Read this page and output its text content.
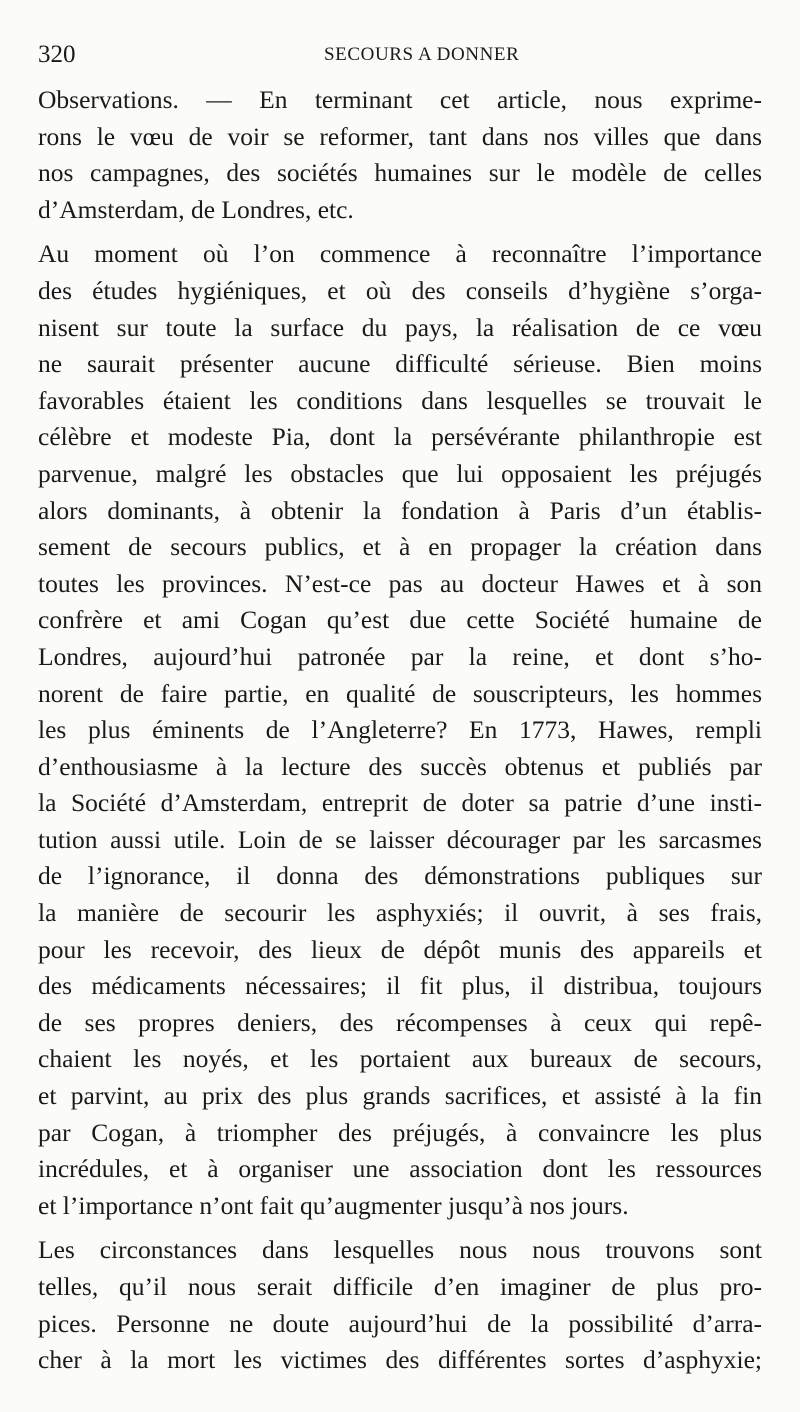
320	SECOURS A DONNER
Observations. — En terminant cet article, nous exprime-
rons le vœu de voir se reformer, tant dans nos villes que dans
nos campagnes, des sociétés humaines sur le modèle de celles
d’Amsterdam, de Londres, etc.
Au moment où l’on commence à reconnaître l’importance
des études hygiéniques, et où des conseils d’hygiène s’orga-
nisent sur toute la surface du pays, la réalisation de ce vœu
ne saurait présenter aucune difficulté sérieuse. Bien moins
favorables étaient les conditions dans lesquelles se trouvait le
célèbre et modeste Pia, dont la persévérante philanthropie est
parvenue, malgré les obstacles que lui opposaient les préjugés
alors dominants, à obtenir la fondation à Paris d’un établis-
sement de secours publics, et à en propager la création dans
toutes les provinces. N’est-ce pas au docteur Hawes et à son
confrère et ami Cogan qu’est due cette Société humaine de
Londres, aujourd’hui patronée par la reine, et dont s’ho-
norent de faire partie, en qualité de souscripteurs, les hommes
les plus éminents de l’Angleterre? En 1773, Hawes, rempli
d’enthousiasme à la lecture des succès obtenus et publiés par
la Société d’Amsterdam, entreprit de doter sa patrie d’une insti-
tution aussi utile. Loin de se laisser décourager par les sarcasmes
de l’ignorance, il donna des démonstrations publiques sur
la manière de secourir les asphyxiés; il ouvrit, à ses frais,
pour les recevoir, des lieux de dépôt munis des appareils et
des médicaments nécessaires; il fit plus, il distribua, toujours
de ses propres deniers, des récompenses à ceux qui repê-
chaient les noyés, et les portaient aux bureaux de secours,
et parvint, au prix des plus grands sacrifices, et assisté à la fin
par Cogan, à triompher des préjugés, à convaincre les plus
incrédules, et à organiser une association dont les ressources
et l’importance n’ont fait qu’augmenter jusqu’à nos jours.
Les circonstances dans lesquelles nous nous trouvons sont
telles, qu’il nous serait difficile d’en imaginer de plus pro-
pices. Personne ne doute aujourd’hui de la possibilité d’arra-
cher à la mort les victimes des différentes sortes d’asphyxie;
